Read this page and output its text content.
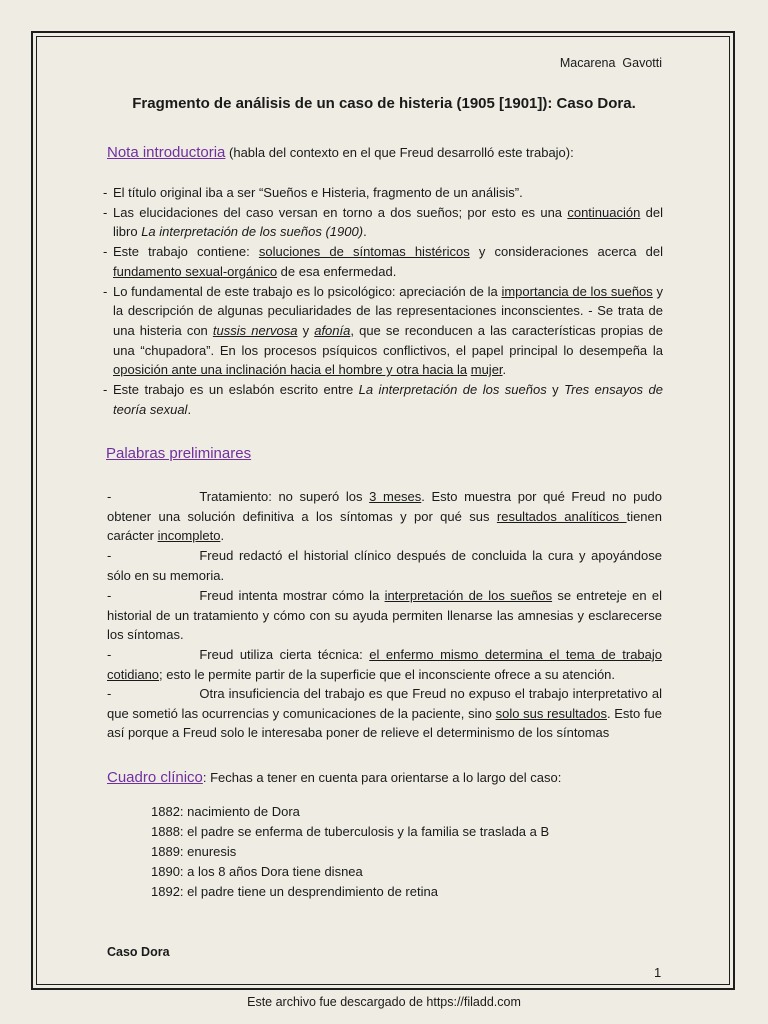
Macarena  Gavotti
Fragmento de análisis de un caso de histeria (1905 [1901]): Caso Dora.
Nota introductoria (habla del contexto en el que Freud desarrolló este trabajo):
- El título original iba a ser “Sueños e Histeria, fragmento de un análisis”.
- Las elucidaciones del caso versan en torno a dos sueños; por esto es una continuación del libro La interpretación de los sueños (1900).
- Este trabajo contiene: soluciones de síntomas histéricos y consideraciones acerca del fundamento sexual-orgánico de esa enfermedad.
- Lo fundamental de este trabajo es lo psicológico: apreciación de la importancia de los sueños y la descripción de algunas peculiaridades de las representaciones inconscientes. - Se trata de una histeria con tussis nervosa y afonía, que se reconducen a las características propias de una “chupadora”. En los procesos psíquicos conflictivos, el papel principal lo desempeña la oposición ante una inclinación hacia el hombre y otra hacia la mujer.
- Este trabajo es un eslabón escrito entre La interpretación de los sueños y Tres ensayos de teoría sexual.
Palabras preliminares
-	Tratamiento: no superó los 3 meses. Esto muestra por qué Freud no pudo obtener una solución definitiva a los síntomas y por qué sus resultados analíticos tienen carácter incompleto.
-	Freud redactó el historial clínico después de concluida la cura y apoyándose sólo en su memoria.
-	Freud intenta mostrar cómo la interpretación de los sueños se entreteje en el historial de un tratamiento y cómo con su ayuda permiten llenarse las amnesias y esclarecerse los síntomas.
-	Freud utiliza cierta técnica: el enfermo mismo determina el tema de trabajo cotidiano; esto le permite partir de la superficie que el inconsciente ofrece a su atención.
-	Otra insuficiencia del trabajo es que Freud no expuso el trabajo interpretativo al que sometió las ocurrencias y comunicaciones de la paciente, sino solo sus resultados. Esto fue así porque a Freud solo le interesaba poner de relieve el determinismo de los síntomas
Cuadro clínico: Fechas a tener en cuenta para orientarse a lo largo del caso:
1882: nacimiento de Dora
1888: el padre se enferma de tuberculosis y la familia se traslada a B
1889: enuresis
1890: a los 8 años Dora tiene disnea
1892: el padre tiene un desprendimiento de retina
Caso Dora
1
Este archivo fue descargado de https://filadd.com
